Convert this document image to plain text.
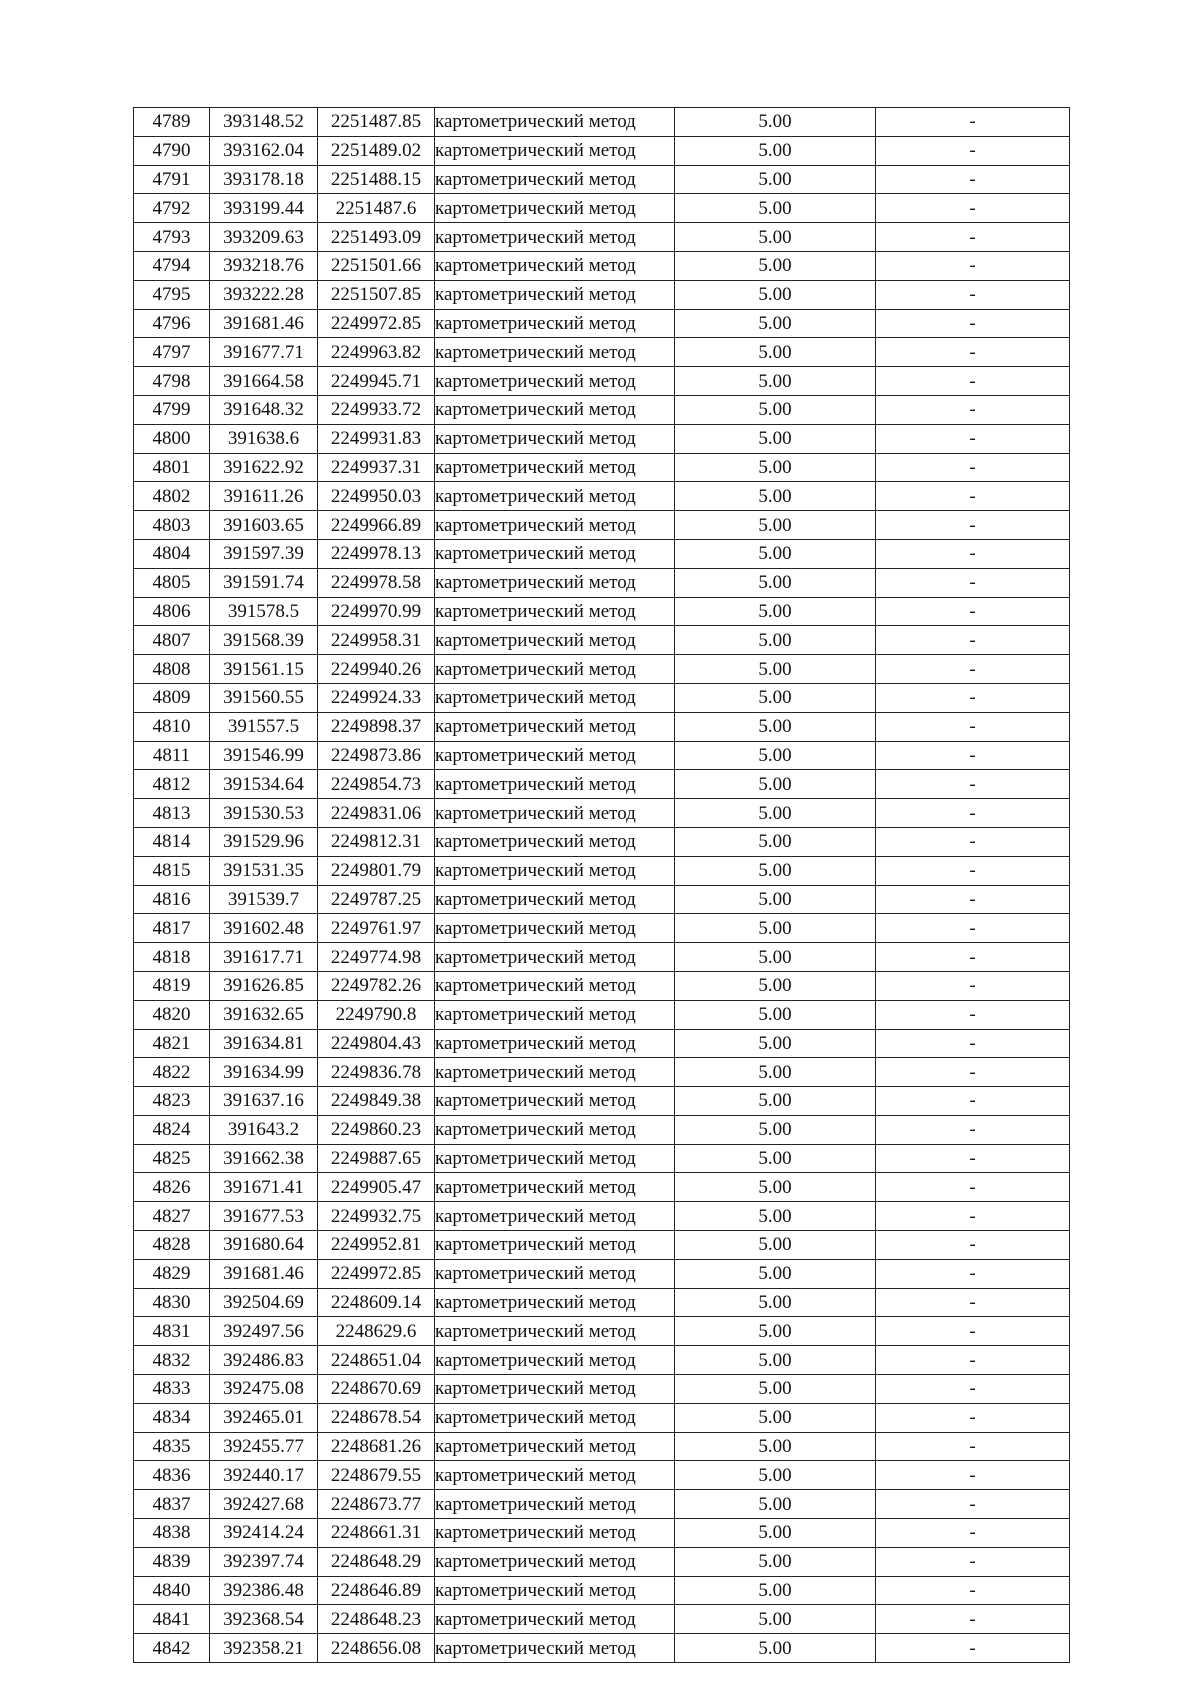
4789	393148.52	2251487.85	картометрический метод	5.00	-
4790	393162.04	2251489.02	картометрический метод	5.00	-
4791	393178.18	2251488.15	картометрический метод	5.00	-
4792	393199.44	2251487.6	картометрический метод	5.00	-
4793	393209.63	2251493.09	картометрический метод	5.00	-
4794	393218.76	2251501.66	картометрический метод	5.00	-
4795	393222.28	2251507.85	картометрический метод	5.00	-
4796	391681.46	2249972.85	картометрический метод	5.00	-
4797	391677.71	2249963.82	картометрический метод	5.00	-
4798	391664.58	2249945.71	картометрический метод	5.00	-
4799	391648.32	2249933.72	картометрический метод	5.00	-
4800	391638.6	2249931.83	картометрический метод	5.00	-
4801	391622.92	2249937.31	картометрический метод	5.00	-
4802	391611.26	2249950.03	картометрический метод	5.00	-
4803	391603.65	2249966.89	картометрический метод	5.00	-
4804	391597.39	2249978.13	картометрический метод	5.00	-
4805	391591.74	2249978.58	картометрический метод	5.00	-
4806	391578.5	2249970.99	картометрический метод	5.00	-
4807	391568.39	2249958.31	картометрический метод	5.00	-
4808	391561.15	2249940.26	картометрический метод	5.00	-
4809	391560.55	2249924.33	картометрический метод	5.00	-
4810	391557.5	2249898.37	картометрический метод	5.00	-
4811	391546.99	2249873.86	картометрический метод	5.00	-
4812	391534.64	2249854.73	картометрический метод	5.00	-
4813	391530.53	2249831.06	картометрический метод	5.00	-
4814	391529.96	2249812.31	картометрический метод	5.00	-
4815	391531.35	2249801.79	картометрический метод	5.00	-
4816	391539.7	2249787.25	картометрический метод	5.00	-
4817	391602.48	2249761.97	картометрический метод	5.00	-
4818	391617.71	2249774.98	картометрический метод	5.00	-
4819	391626.85	2249782.26	картометрический метод	5.00	-
4820	391632.65	2249790.8	картометрический метод	5.00	-
4821	391634.81	2249804.43	картометрический метод	5.00	-
4822	391634.99	2249836.78	картометрический метод	5.00	-
4823	391637.16	2249849.38	картометрический метод	5.00	-
4824	391643.2	2249860.23	картометрический метод	5.00	-
4825	391662.38	2249887.65	картометрический метод	5.00	-
4826	391671.41	2249905.47	картометрический метод	5.00	-
4827	391677.53	2249932.75	картометрический метод	5.00	-
4828	391680.64	2249952.81	картометрический метод	5.00	-
4829	391681.46	2249972.85	картометрический метод	5.00	-
4830	392504.69	2248609.14	картометрический метод	5.00	-
4831	392497.56	2248629.6	картометрический метод	5.00	-
4832	392486.83	2248651.04	картометрический метод	5.00	-
4833	392475.08	2248670.69	картометрический метод	5.00	-
4834	392465.01	2248678.54	картометрический метод	5.00	-
4835	392455.77	2248681.26	картометрический метод	5.00	-
4836	392440.17	2248679.55	картометрический метод	5.00	-
4837	392427.68	2248673.77	картометрический метод	5.00	-
4838	392414.24	2248661.31	картометрический метод	5.00	-
4839	392397.74	2248648.29	картометрический метод	5.00	-
4840	392386.48	2248646.89	картометрический метод	5.00	-
4841	392368.54	2248648.23	картометрический метод	5.00	-
4842	392358.21	2248656.08	картометрический метод	5.00	-
